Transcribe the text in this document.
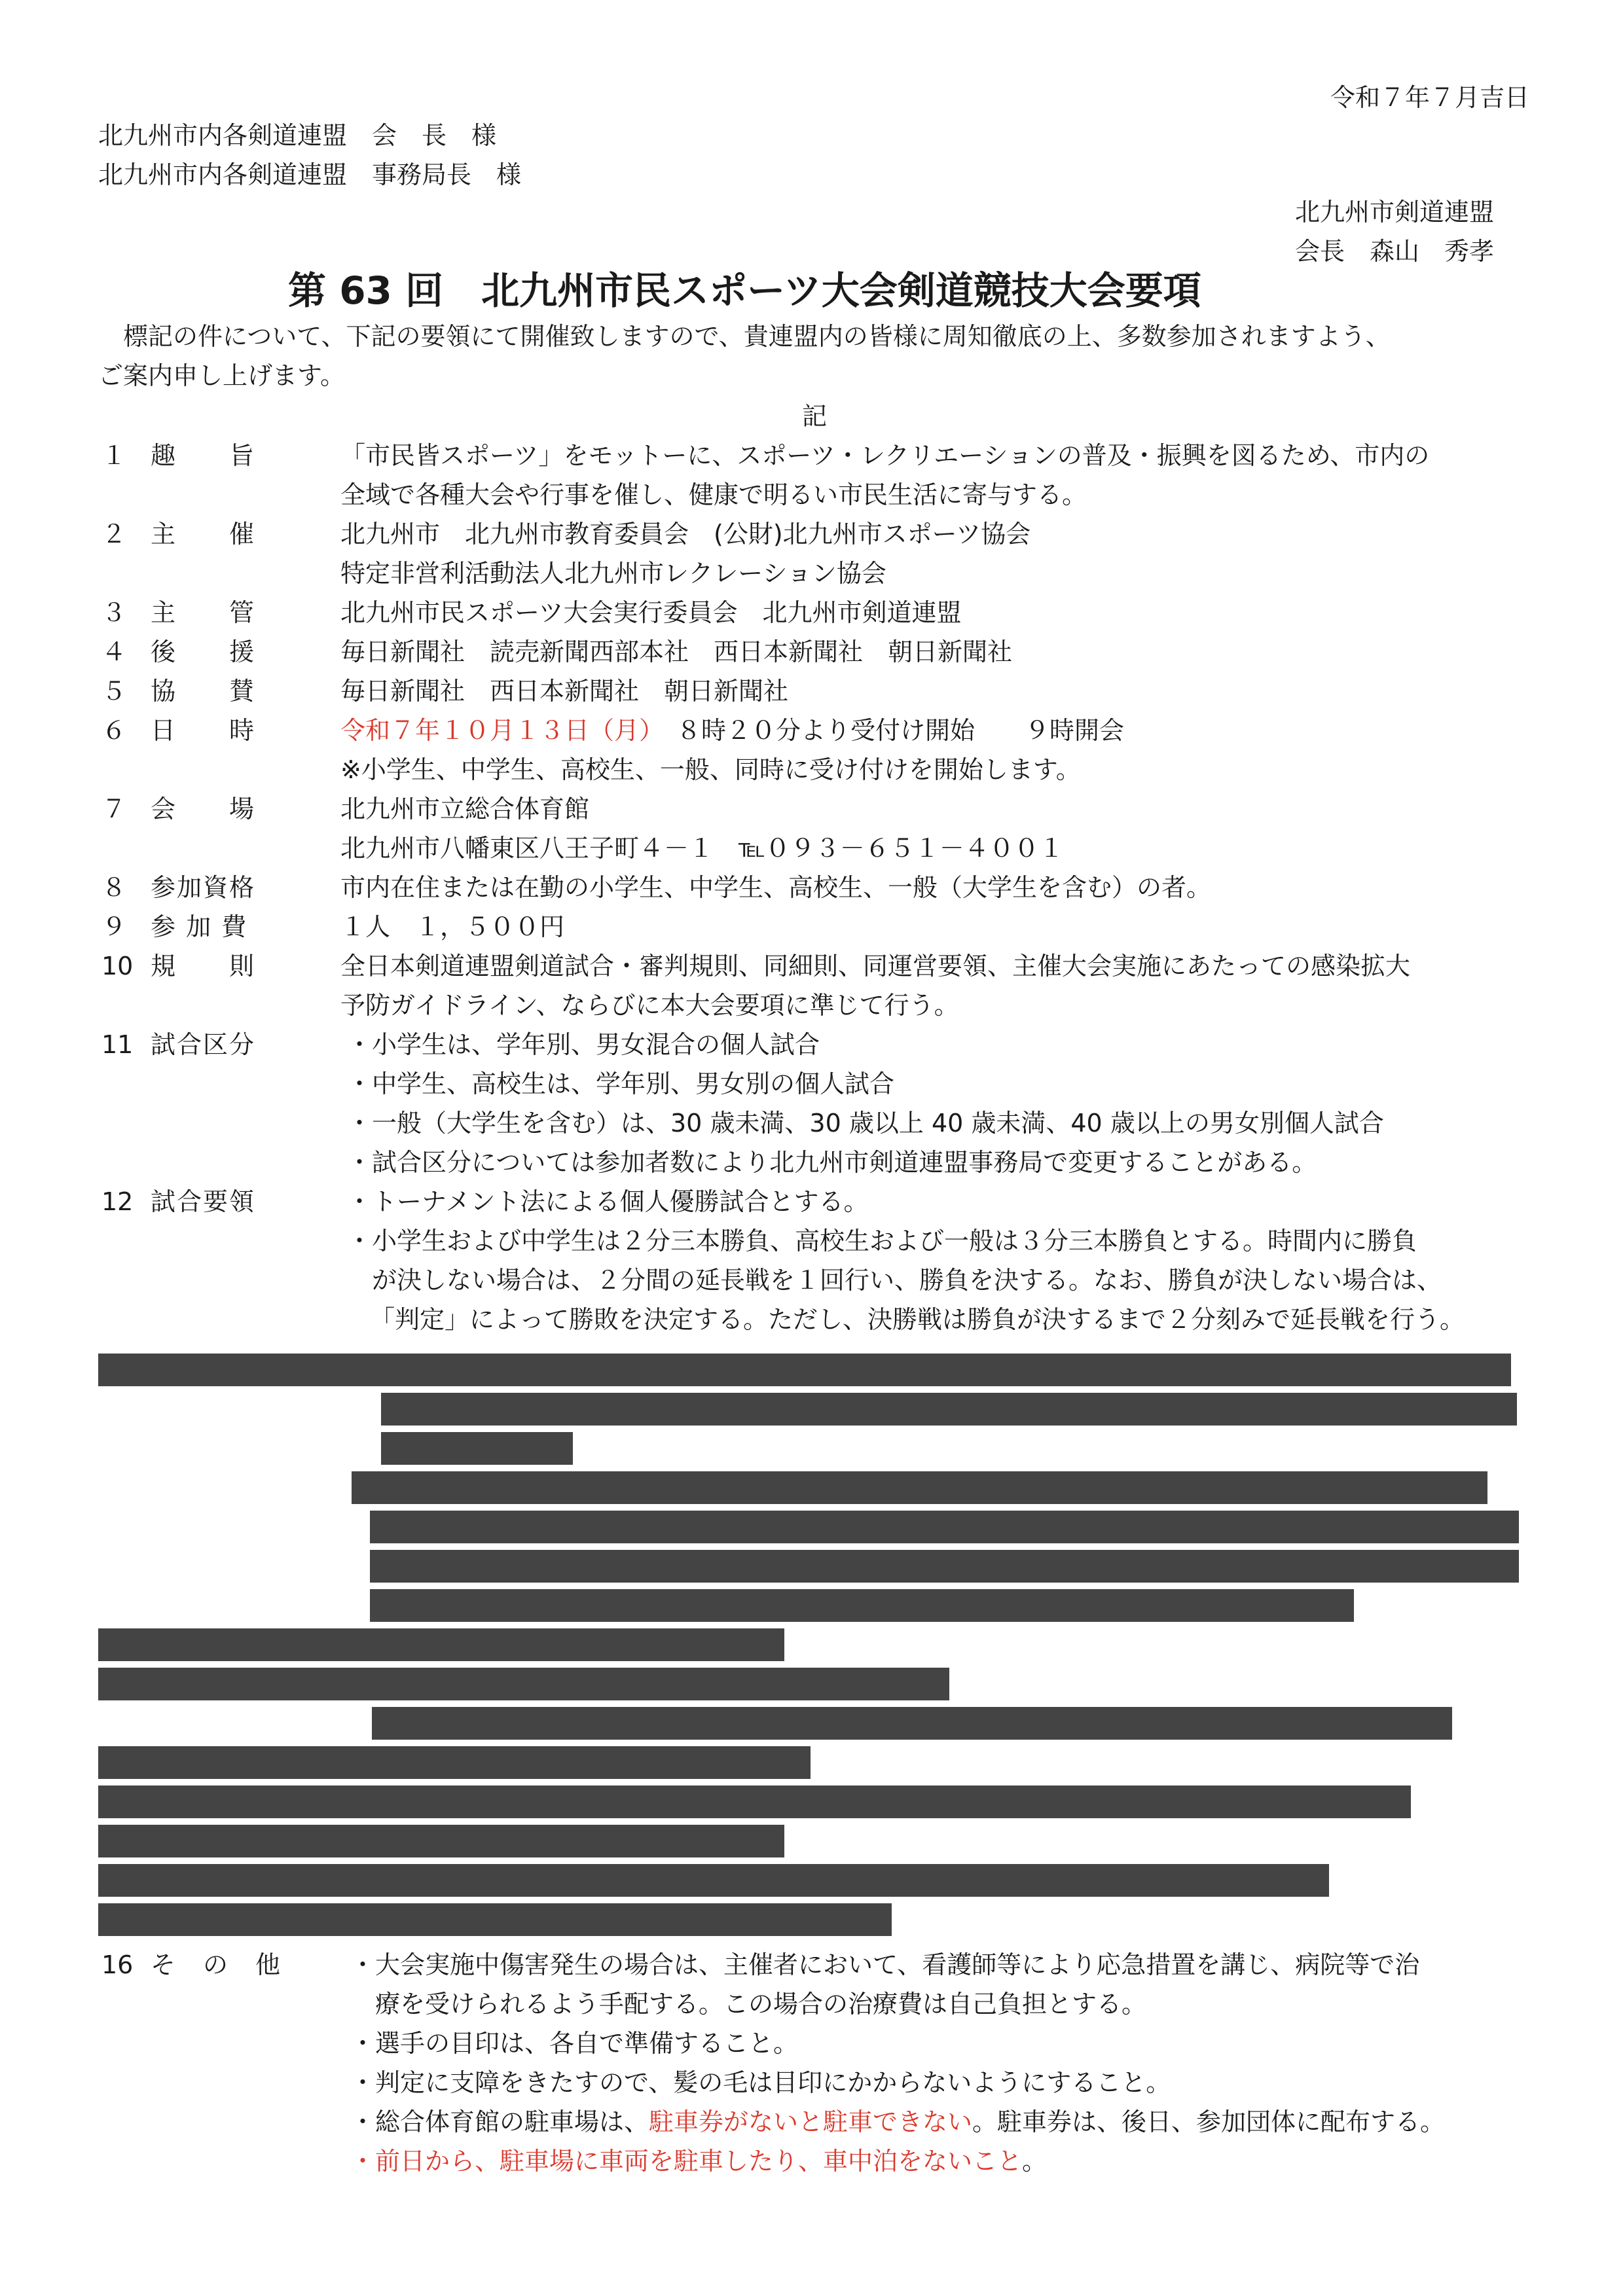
令和７年７月吉日
北九州市内各剣道連盟　会　長　様
北九州市内各剣道連盟　事務局長　様
北九州市剣道連盟
会長　森山　秀孝
第 63 回　北九州市民スポーツ大会剣道競技大会要項
　標記の件について、下記の要領にて開催致しますので、貴連盟内の皆様に周知徹底の上、多数参加されますよう、
ご案内申し上げます。
記
１ 趣　　旨	「市民皆スポーツ」をモットーに、スポーツ・レクリエーションの普及・振興を図るため、市内の
全域で各種大会や行事を催し、健康で明るい市民生活に寄与する。
２ 主　　催	北九州市　北九州市教育委員会　(公財)北九州市スポーツ協会
特定非営利活動法人北九州市レクレーション協会
３ 主　　管	北九州市民スポーツ大会実行委員会　北九州市剣道連盟
４ 後　　援	毎日新聞社　読売新聞西部本社　西日本新聞社　朝日新聞社
５ 協　　賛	毎日新聞社　西日本新聞社　朝日新聞社
６ 日　　時	令和７年１０月１３日（月）　８時２０分より受付け開始　　９時開会
※小学生、中学生、高校生、一般、同時に受け付けを開始します。
７ 会　　場	北九州市立総合体育館
北九州市八幡東区八王子町４－１　℡０９３－６５１－４００１
８ 参加資格	市内在住または在勤の小学生、中学生、高校生、一般（大学生を含む）の者。
９ 参 加 費	１人　１，５００円
10 規　　則	全日本剣道連盟剣道試合・審判規則、同細則、同運営要領、主催大会実施にあたっての感染拡大
予防ガイドライン、ならびに本大会要項に準じて行う。
11 試合区分	・小学生は、学年別、男女混合の個人試合
・中学生、高校生は、学年別、男女別の個人試合
・一般（大学生を含む）は、30 歳未満、30 歳以上 40 歳未満、40 歳以上の男女別個人試合
・試合区分については参加者数により北九州市剣道連盟事務局で変更することがある。
12 試合要領	・トーナメント法による個人優勝試合とする。
・小学生および中学生は２分三本勝負、高校生および一般は３分三本勝負とする。時間内に勝負
　が決しない場合は、２分間の延長戦を１回行い、勝負を決する。なお、勝負が決しない場合は、
「判定」によって勝敗を決定する。ただし、決勝戦は勝負が決するまで２分刻みで延長戦を行う。
16 そ　の　他	・大会実施中傷害発生の場合は、主催者において、看護師等により応急措置を講じ、病院等で治
　療を受けられるよう手配する。この場合の治療費は自己負担とする。
・選手の目印は、各自で準備すること。
・判定に支障をきたすので、髪の毛は目印にかからないようにすること。
・総合体育館の駐車場は、駐車券がないと駐車できない。駐車券は、後日、参加団体に配布する。
・前日から、駐車場に車両を駐車したり、車中泊をないこと。
